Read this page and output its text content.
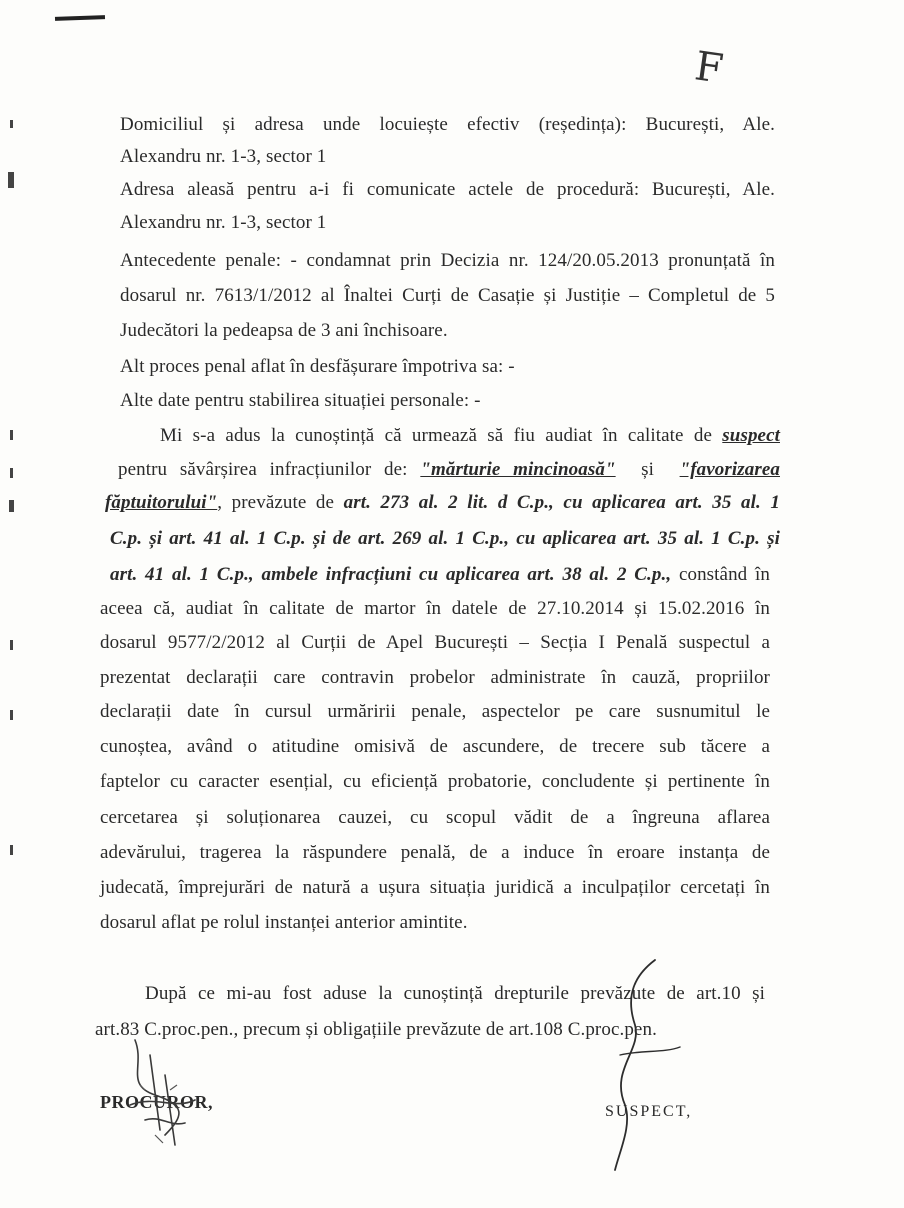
F
Domiciliul și adresa unde locuiește efectiv (reședința): București, Ale.
Alexandru nr. 1-3, sector 1
Adresa aleasă pentru a-i fi comunicate actele de procedură: București, Ale.
Alexandru nr. 1-3, sector 1
Antecedente penale: - condamnat prin Decizia nr. 124/20.05.2013 pronunțată în
dosarul nr. 7613/1/2012 al Înaltei Curți de Casație și Justiție – Completul de 5
Judecători la pedeapsa de 3 ani închisoare.
Alt proces penal aflat în desfășurare împotriva sa: -
Alte date pentru stabilirea situației personale: -
Mi s-a adus la cunoștință că urmează să fiu audiat în calitate de suspect
pentru săvârșirea infracțiunilor de: "mărturie mincinoasă"  și  "favorizarea
făptuitorului", prevăzute de art. 273 al. 2 lit. d C.p., cu aplicarea art. 35 al. 1
C.p. și art. 41 al. 1 C.p. și de art. 269 al. 1 C.p., cu aplicarea art. 35 al. 1 C.p. și
art. 41 al. 1 C.p., ambele infracțiuni cu aplicarea art. 38 al. 2 C.p., constând în
aceea că, audiat în calitate de martor în datele de 27.10.2014 și 15.02.2016 în
dosarul 9577/2/2012 al Curții de Apel București – Secția I Penală suspectul a
prezentat declarații care contravin probelor administrate în cauză, propriilor
declarații date în cursul urmăririi penale, aspectelor pe care susnumitul le
cunoștea, având o atitudine omisivă de ascundere, de trecere sub tăcere a
faptelor cu caracter esențial, cu eficiență probatorie, concludente și pertinente în
cercetarea și soluționarea cauzei, cu scopul vădit de a îngreuna aflarea
adevărului, tragerea la răspundere penală, de a induce în eroare instanța de
judecată, împrejurări de natură a ușura situația juridică a inculpaților cercetați în
dosarul aflat pe rolul instanței anterior amintite.
După ce mi-au fost aduse la cunoștință drepturile prevăzute de art.10 și
art.83 C.proc.pen., precum și obligațiile prevăzute de art.108 C.proc.pen.
PROCUROR,	SUSPECT,
